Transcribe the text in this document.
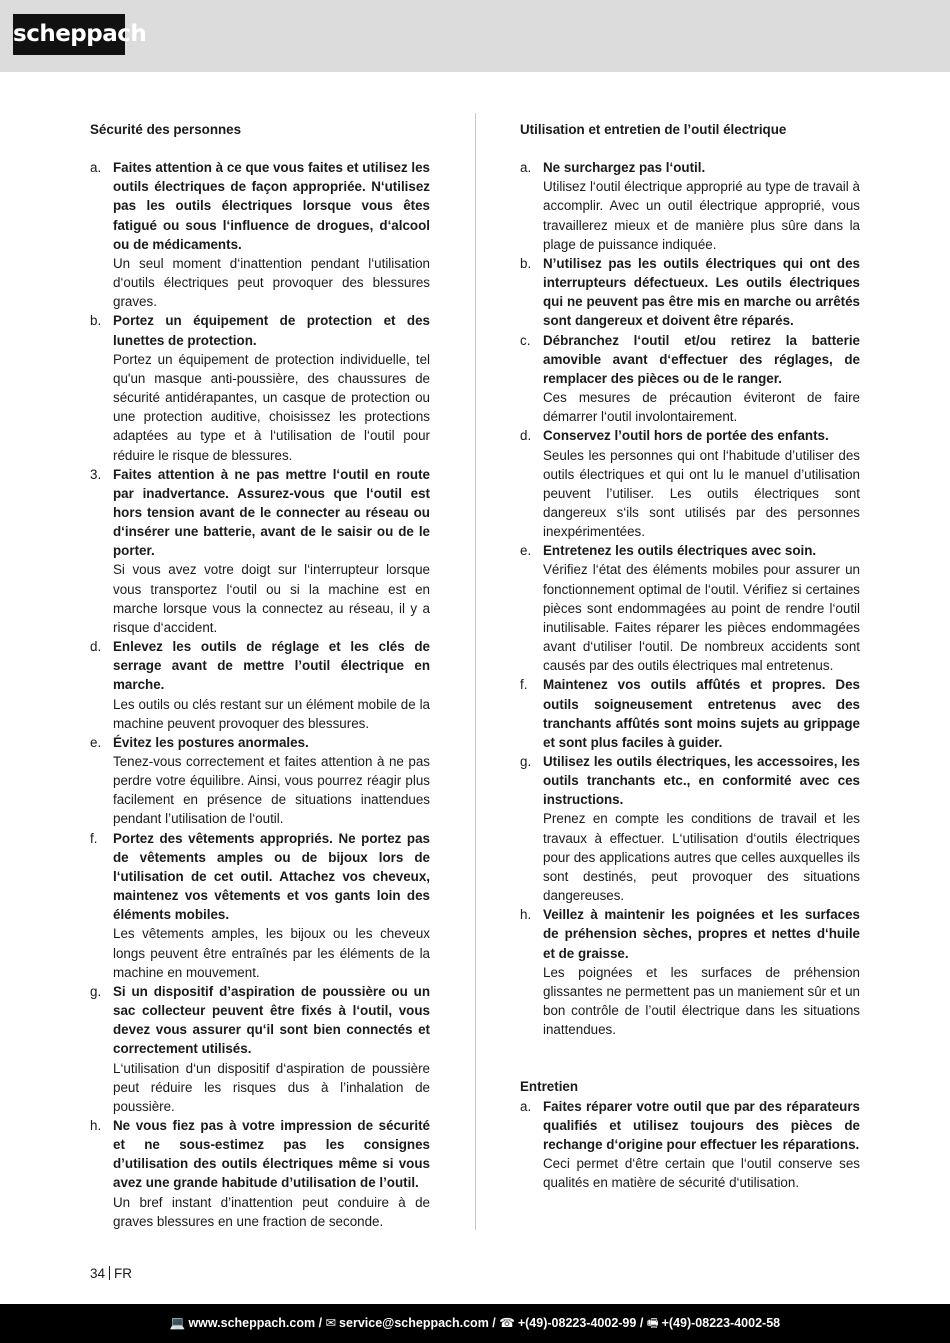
scheppach
Sécurité des personnes
a. Faites attention à ce que vous faites et utilisez les outils électriques de façon appropriée. N‘utilisez pas les outils électriques lorsque vous êtes fatigué ou sous l‘influence de drogues, d‘alcool ou de médicaments.
Un seul moment d‘inattention pendant l‘utilisation d‘outils électriques peut provoquer des blessures graves.
b. Portez un équipement de protection et des lunettes de protection.
Portez un équipement de protection individuelle, tel qu'un masque anti-poussière, des chaussures de sécurité antidérapantes, un casque de protection ou une protection auditive, choisissez les protections adaptées au type et à l‘utilisation de l‘outil pour réduire le risque de blessures.
3. Faites attention à ne pas mettre l‘outil en route par inadvertance. Assurez-vous que l‘outil est hors tension avant de le connecter au réseau ou d‘insérer une batterie, avant de le saisir ou de le porter.
Si vous avez votre doigt sur l‘interrupteur lorsque vous transportez l‘outil ou si la machine est en marche lorsque vous la connectez au réseau, il y a risque d‘accident.
d. Enlevez les outils de réglage et les clés de serrage avant de mettre l’outil électrique en marche.
Les outils ou clés restant sur un élément mobile de la machine peuvent provoquer des blessures.
e. Évitez les postures anormales.
Tenez-vous correctement et faites attention à ne pas perdre votre équilibre. Ainsi, vous pourrez réagir plus facilement en présence de situations inattendues pendant l’utilisation de l‘outil.
f. Portez des vêtements appropriés. Ne portez pas de vêtements amples ou de bijoux lors de l‘utilisation de cet outil. Attachez vos cheveux, maintenez vos vêtements et vos gants loin des éléments mobiles.
Les vêtements amples, les bijoux ou les cheveux longs peuvent être entraînés par les éléments de la machine en mouvement.
g. Si un dispositif d’aspiration de poussière ou un sac collecteur peuvent être fixés à l‘outil, vous devez vous assurer qu‘il sont bien connectés et correctement utilisés.
L‘utilisation d‘un dispositif d‘aspiration de poussière peut réduire les risques dus à l’inhalation de poussière.
h. Ne vous fiez pas à votre impression de sécurité et ne sous-estimez pas les consignes d’utilisation des outils électriques même si vous avez une grande habitude d’utilisation de l’outil.
Un bref instant d’inattention peut conduire à de graves blessures en une fraction de seconde.
Utilisation et entretien de l’outil électrique
a. Ne surchargez pas l‘outil.
Utilisez l‘outil électrique approprié au type de travail à accomplir. Avec un outil électrique approprié, vous travaillerez mieux et de manière plus sûre dans la plage de puissance indiquée.
b. N’utilisez pas les outils électriques qui ont des interrupteurs défectueux. Les outils électriques qui ne peuvent pas être mis en marche ou arrêtés sont dangereux et doivent être réparés.
c. Débranchez l‘outil et/ou retirez la batterie amovible avant d‘effectuer des réglages, de remplacer des pièces ou de le ranger.
Ces mesures de précaution éviteront de faire démarrer l‘outil involontairement.
d. Conservez l’outil hors de portée des enfants.
Seules les personnes qui ont l‘habitude d’utiliser des outils électriques et qui ont lu le manuel d’utilisation peuvent l’utiliser. Les outils électriques sont dangereux s‘ils sont utilisés par des personnes inexpérimentées.
e. Entretenez les outils électriques avec soin.
Vérifiez l‘état des éléments mobiles pour assurer un fonctionnement optimal de l‘outil. Vérifiez si certaines pièces sont endommagées au point de rendre l‘outil inutilisable. Faites réparer les pièces endommagées avant d‘utiliser l‘outil. De nombreux accidents sont causés par des outils électriques mal entretenus.
f. Maintenez vos outils affûtés et propres. Des outils soigneusement entretenus avec des tranchants affûtés sont moins sujets au grippage et sont plus faciles à guider.
g. Utilisez les outils électriques, les accessoires, les outils tranchants etc., en conformité avec ces instructions.
Prenez en compte les conditions de travail et les travaux à effectuer. L‘utilisation d‘outils électriques pour des applications autres que celles auxquelles ils sont destinés, peut provoquer des situations dangereuses.
h. Veillez à maintenir les poignées et les surfaces de préhension sèches, propres et nettes d‘huile et de graisse.
Les poignées et les surfaces de préhension glissantes ne permettent pas un maniement sûr et un bon contrôle de l’outil électrique dans les situations inattendues.
Entretien
a. Faites réparer votre outil que par des réparateurs qualifiés et utilisez toujours des pièces de rechange d‘origine pour effectuer les réparations.
Ceci permet d‘être certain que l‘outil conserve ses qualités en matière de sécurité d‘utilisation.
34 FR
💻 www.scheppach.com / ✉ service@scheppach.com / ☎ +(49)-08223-4002-99 / 🖷 +(49)-08223-4002-58
